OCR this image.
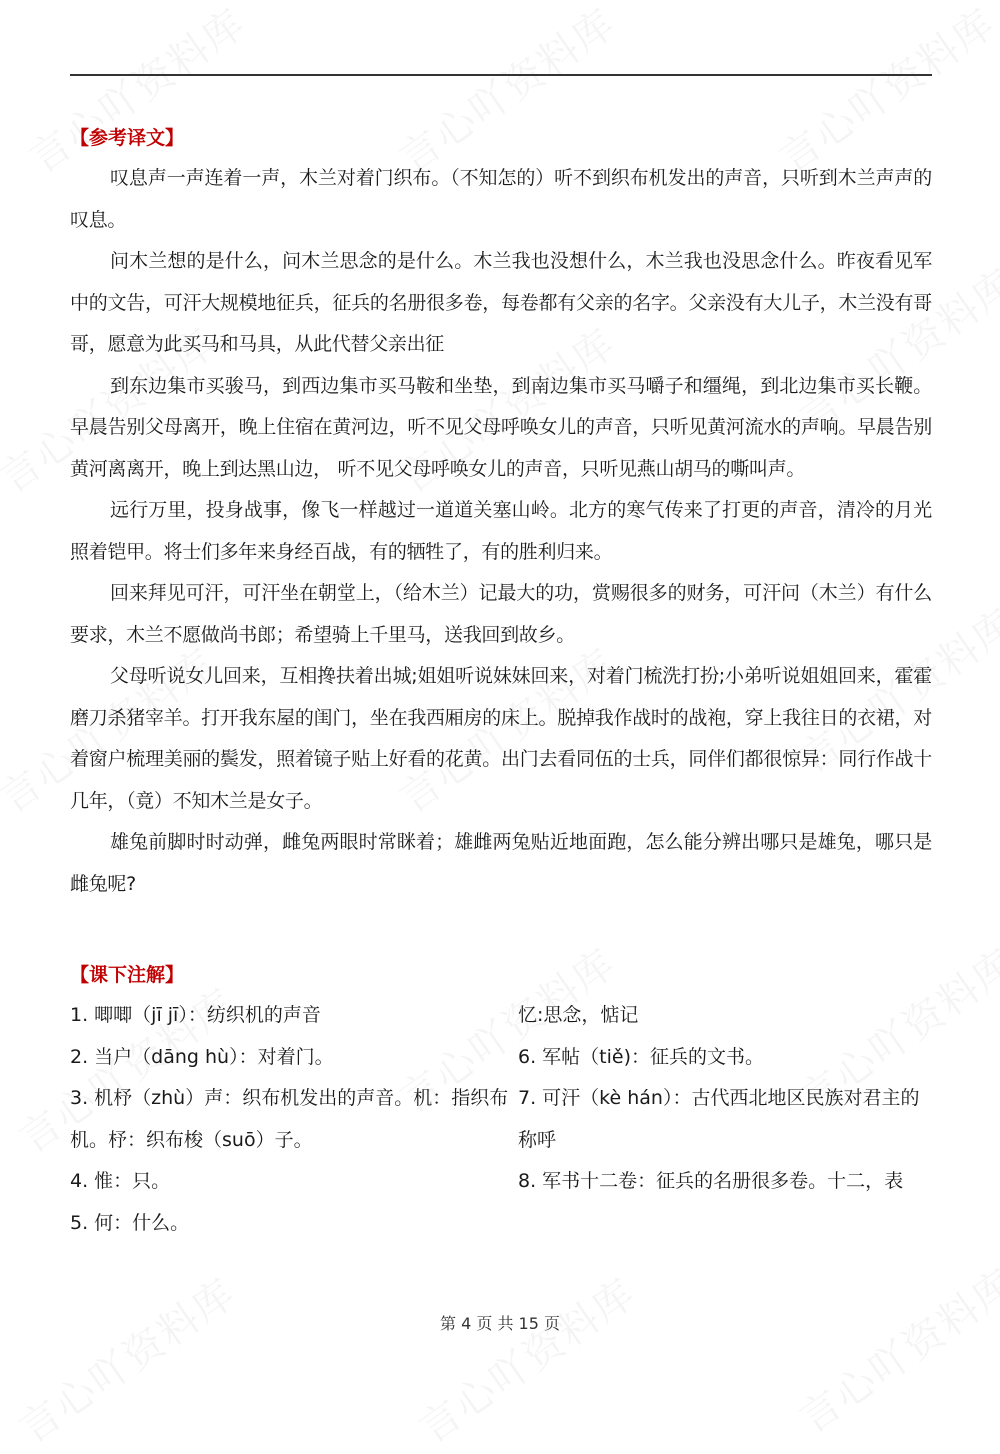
【参考译文】

叹息声一声连着一声，木兰对着门织布。（不知怎的）听不到织布机发出的声音，只听到木兰声声的叹息。

问木兰想的是什么，问木兰思念的是什么。木兰我也没想什么，木兰我也没思念什么。昨夜看见军中的文告，可汗大规模地征兵，征兵的名册很多卷，每卷都有父亲的名字。父亲没有大儿子，木兰没有哥哥，愿意为此买马和马具，从此代替父亲出征

到东边集市买骏马，到西边集市买马鞍和坐垫，到南边集市买马嚼子和缰绳，到北边集市买长鞭。早晨告别父母离开，晚上住宿在黄河边，听不见父母呼唤女儿的声音，只听见黄河流水的声响。早晨告别黄河离离开，晚上到达黑山边， 听不见父母呼唤女儿的声音，只听见燕山胡马的嘶叫声。

远行万里，投身战事，像飞一样越过一道道关塞山岭。北方的寒气传来了打更的声音，清冷的月光照着铠甲。将士们多年来身经百战，有的牺牲了，有的胜利归来。

回来拜见可汗，可汗坐在朝堂上，（给木兰）记最大的功，赏赐很多的财务，可汗问（木兰）有什么要求，木兰不愿做尚书郎；希望骑上千里马，送我回到故乡。

父母听说女儿回来，互相搀扶着出城;姐姐听说妹妹回来，对着门梳洗打扮;小弟听说姐姐回来，霍霍磨刀杀猪宰羊。打开我东屋的闺门，坐在我西厢房的床上。脱掉我作战时的战袍，穿上我往日的衣裙，对着窗户梳理美丽的鬓发，照着镜子贴上好看的花黄。出门去看同伍的士兵，同伴们都很惊异：同行作战十几年，（竟）不知木兰是女子。

雄兔前脚时时动弹，雌兔两眼时常眯着；雄雌两兔贴近地面跑，怎么能分辨出哪只是雄兔，哪只是雌兔呢?

【课下注解】

1. 唧唧（jī jī）：纺织机的声音

2. 当户（dāng hù）：对着门。

3. 机杼（zhù）声：织布机发出的声音。机：指织布机。杼：织布梭（suō）子。

4. 惟：只。

5. 何：什么。

忆:思念，惦记

6. 军帖（tiě)：征兵的文书。

7. 可汗（kè hán）：古代西北地区民族对君主的称呼

8. 军书十二卷：征兵的名册很多卷。十二，表

第 4 页 共 15 页
